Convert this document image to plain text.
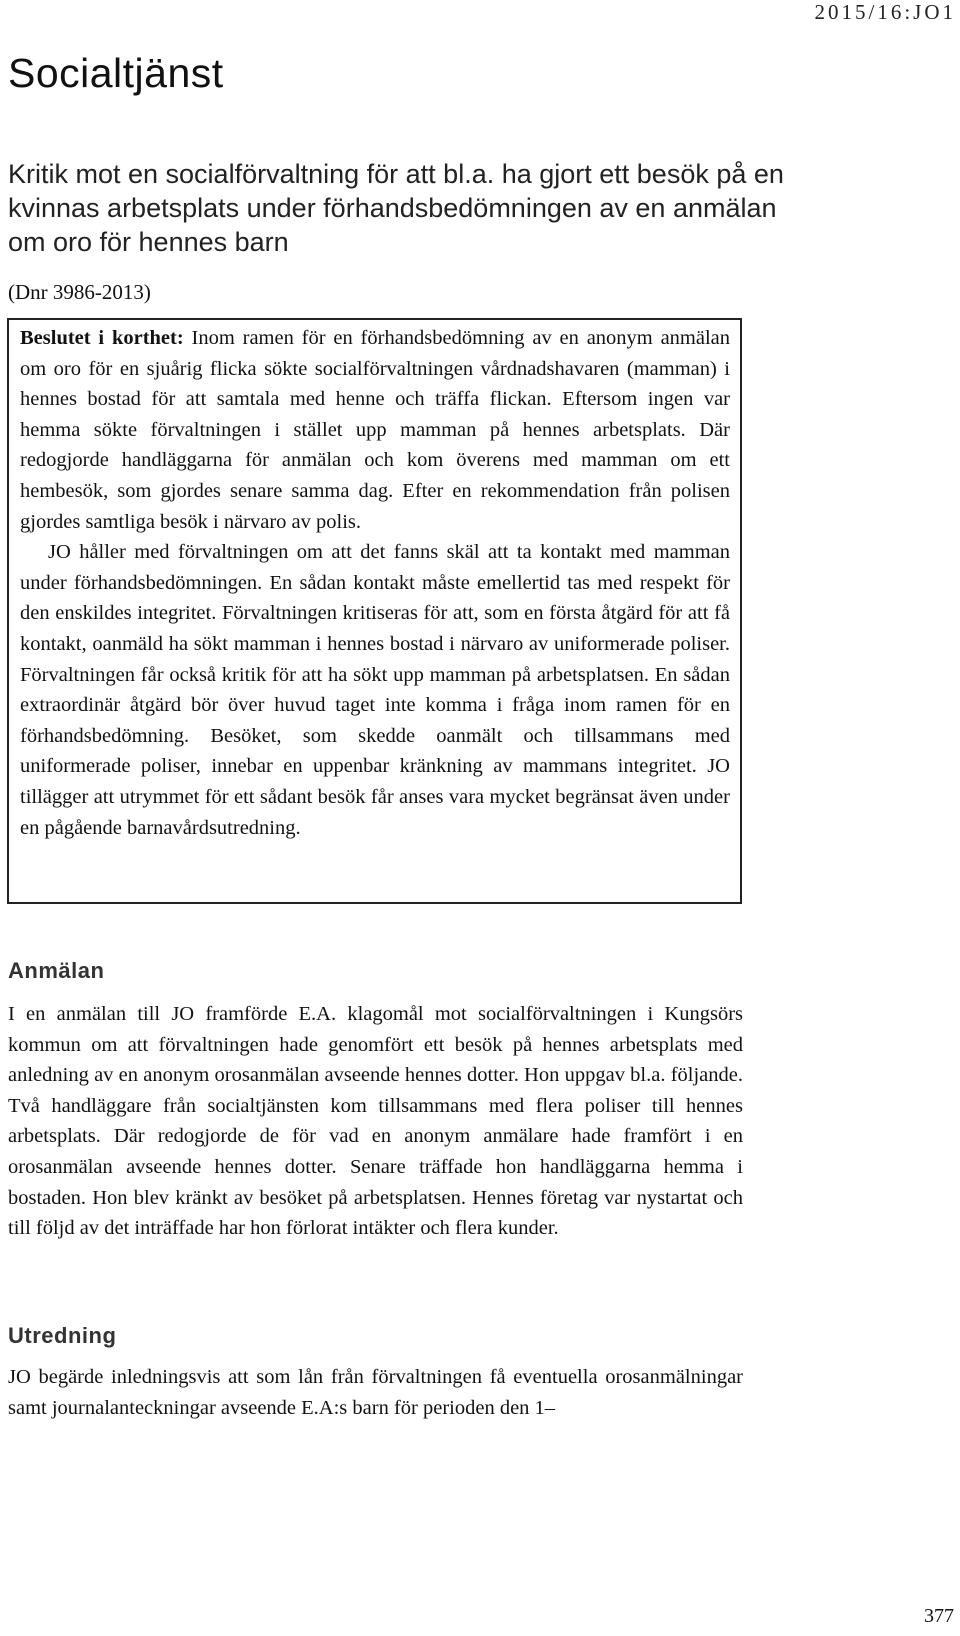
2015/16:JO1
Socialtjänst
Kritik mot en socialförvaltning för att bl.a. ha gjort ett besök på en kvinnas arbetsplats under förhandsbedömningen av en anmälan om oro för hennes barn
(Dnr 3986-2013)

Beslutet i korthet: Inom ramen för en förhandsbedömning av en anonym anmälan om oro för en sjuårig flicka sökte socialförvaltningen vårdnadshavaren (mamman) i hennes bostad för att samtala med henne och träffa flickan. Eftersom ingen var hemma sökte förvaltningen i stället upp mamman på hennes arbetsplats. Där redogjorde handläggarna för anmälan och kom överens med mamman om ett hembesök, som gjordes senare samma dag. Efter en rekommendation från polisen gjordes samtliga besök i närvaro av polis.

JO håller med förvaltningen om att det fanns skäl att ta kontakt med mamman under förhandsbedömningen. En sådan kontakt måste emellertid tas med respekt för den enskildes integritet. Förvaltningen kritiseras för att, som en första åtgärd för att få kontakt, oanmäld ha sökt mamman i hennes bostad i närvaro av uniformerade poliser. Förvaltningen får också kritik för att ha sökt upp mamman på arbetsplatsen. En sådan extraordinär åtgärd bör över huvud taget inte komma i fråga inom ramen för en förhandsbedömning. Besöket, som skedde oanmält och tillsammans med uniformerade poliser, innebar en uppenbar kränkning av mammans integritet. JO tillägger att utrymmet för ett sådant besök får anses vara mycket begränsat även under en pågående barnavårdsutredning.

Anmälan

I en anmälan till JO framförde E.A. klagomål mot socialförvaltningen i Kungsörs kommun om att förvaltningen hade genomfört ett besök på hennes arbetsplats med anledning av en anonym orosanmälan avseende hennes dotter. Hon uppgav bl.a. följande. Två handläggare från socialtjänsten kom tillsammans med flera poliser till hennes arbetsplats. Där redogjorde de för vad en anonym anmälare hade framfört i en orosanmälan avseende hennes dotter. Senare träffade hon handläggarna hemma i bostaden. Hon blev kränkt av besöket på arbetsplatsen. Hennes företag var nystartat och till följd av det inträffade har hon förlorat intäkter och flera kunder.

Utredning

JO begärde inledningsvis att som lån från förvaltningen få eventuella orosanmälningar samt journalanteckningar avseende E.A:s barn för perioden den 1–

377
